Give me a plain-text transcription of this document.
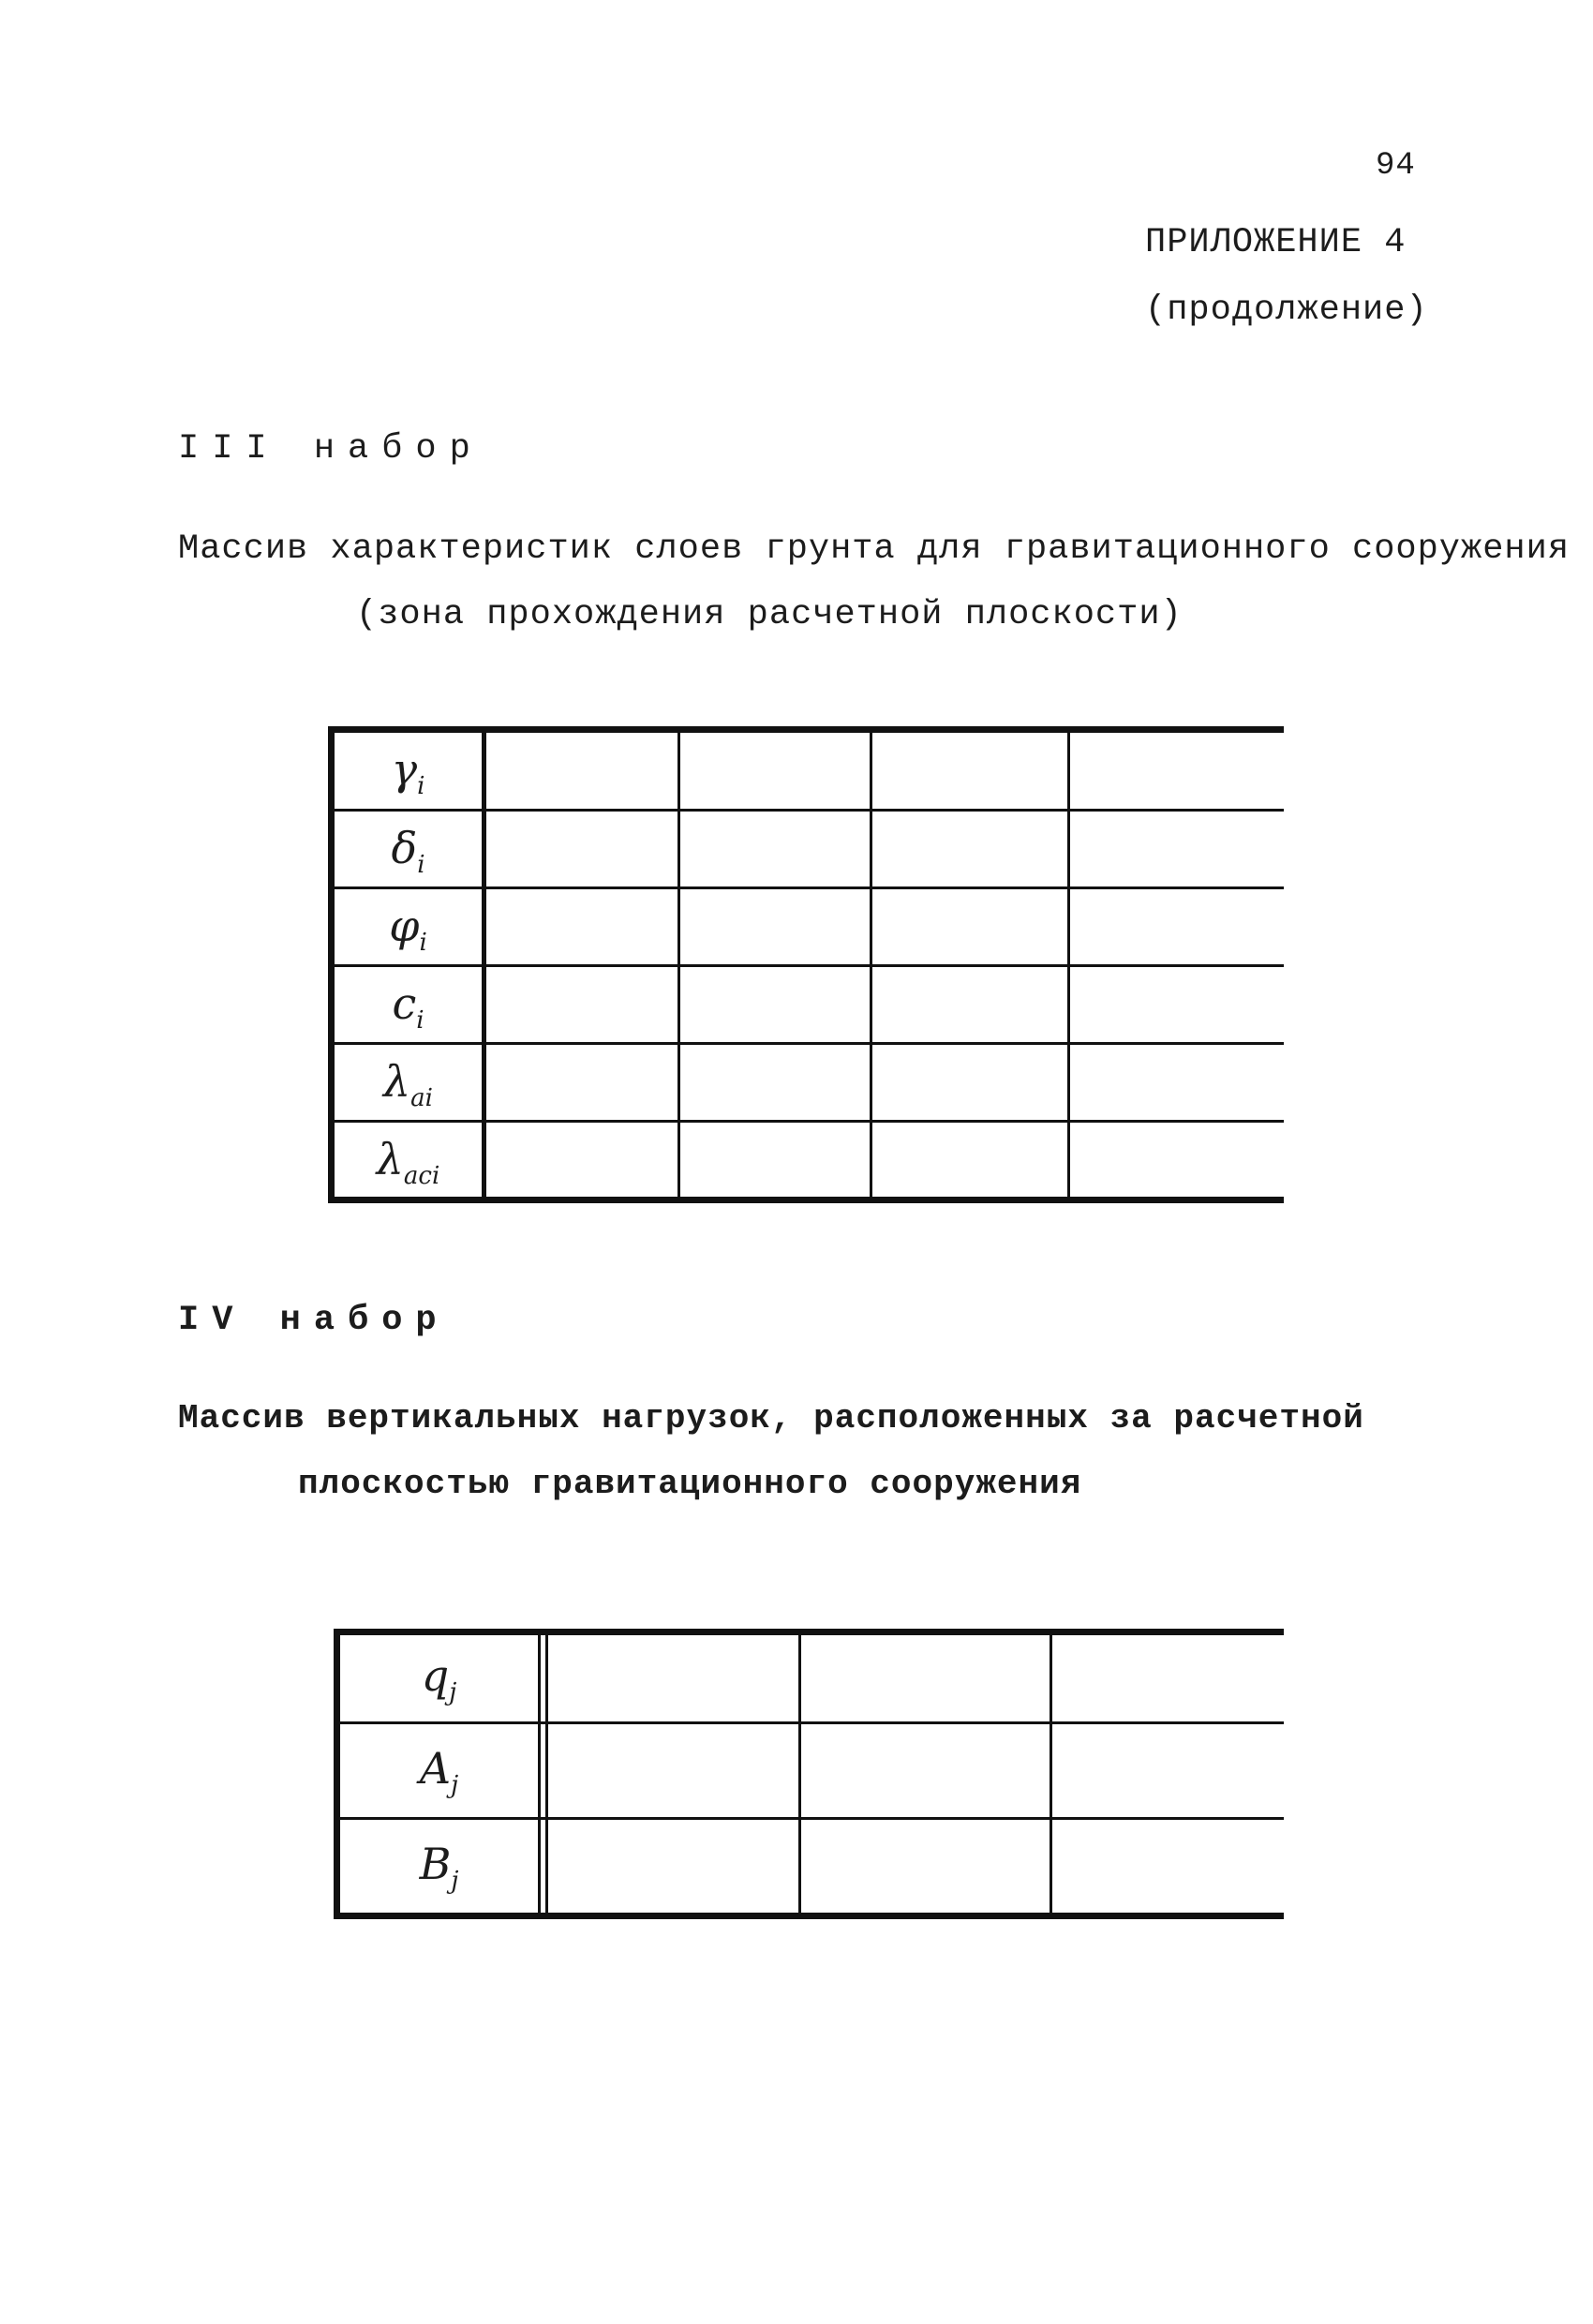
94
ПРИЛОЖЕНИЕ 4
(продолжение)
III набор
Массив характеристик слоев грунта для гравитационного сооружения
(зона прохождения расчетной плоскости)
$\gamma_i$
$\delta_i$
$\varphi_i$
$c_i$
$\lambda_{ai}$
$\lambda_{aci}$
IV набор
Массив вертикальных нагрузок, расположенных за расчетной
плоскостью гравитационного сооружения
$q_j$
$A_j$
$B_j$
